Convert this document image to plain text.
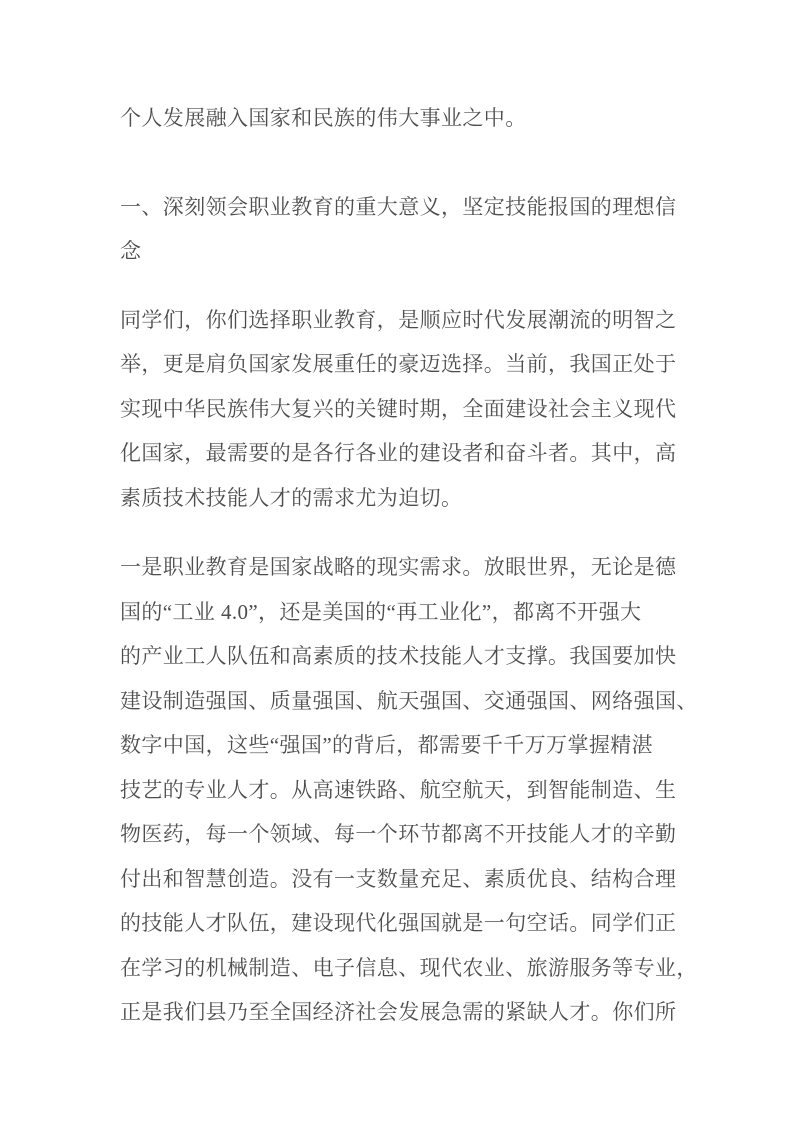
个人发展融入国家和民族的伟大事业之中。
一、深刻领会职业教育的重大意义，坚定技能报国的理想信
念
同学们，你们选择职业教育，是顺应时代发展潮流的明智之
举，更是肩负国家发展重任的豪迈选择。当前，我国正处于
实现中华民族伟大复兴的关键时期，全面建设社会主义现代
化国家，最需要的是各行各业的建设者和奋斗者。其中，高
素质技术技能人才的需求尤为迫切。
一是职业教育是国家战略的现实需求。放眼世界，无论是德
国的“工业 4.0”，还是美国的“再工业化”，都离不开强大
的产业工人队伍和高素质的技术技能人才支撑。我国要加快
建设制造强国、质量强国、航天强国、交通强国、网络强国、
数字中国，这些“强国”的背后，都需要千千万万掌握精湛
技艺的专业人才。从高速铁路、航空航天，到智能制造、生
物医药，每一个领域、每一个环节都离不开技能人才的辛勤
付出和智慧创造。没有一支数量充足、素质优良、结构合理
的技能人才队伍，建设现代化强国就是一句空话。同学们正
在学习的机械制造、电子信息、现代农业、旅游服务等专业，
正是我们县乃至全国经济社会发展急需的紧缺人才。你们所
